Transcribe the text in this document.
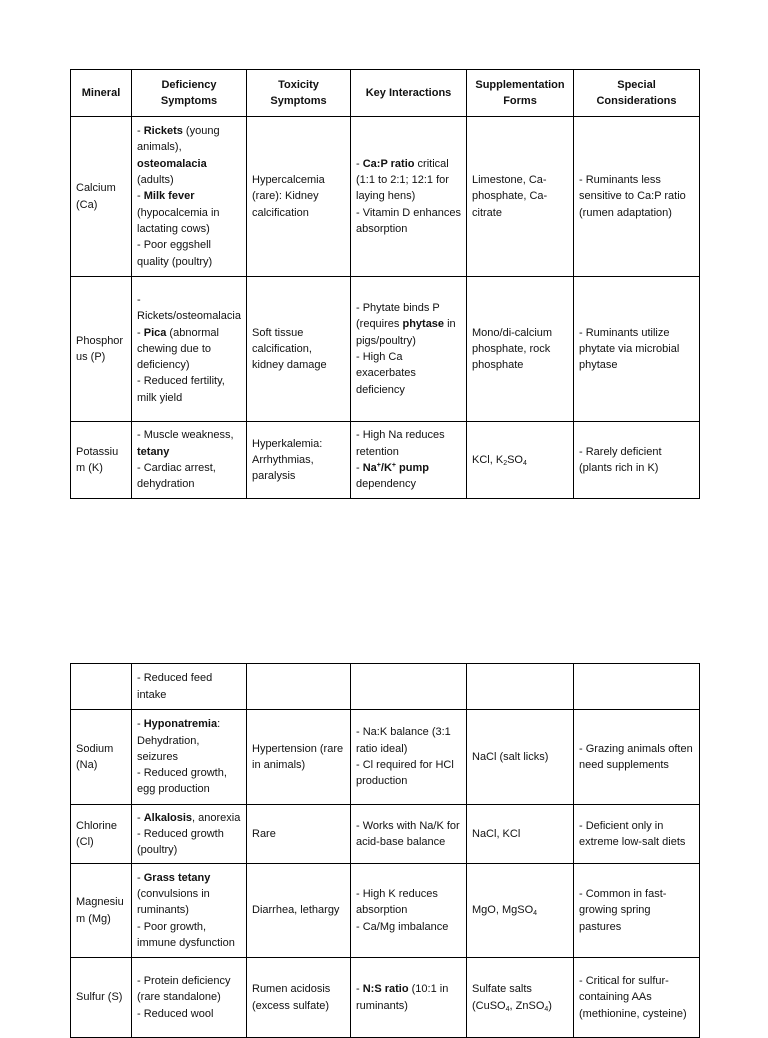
Mineral	Deficiency Symptoms	Toxicity Symptoms	Key Interactions	Supplementation Forms	Special Considerations
Calcium (Ca)	- Rickets (young animals), osteomalacia (adults)
- Milk fever (hypocalcemia in lactating cows)
- Poor eggshell quality (poultry)	Hypercalcemia (rare): Kidney calcification	- Ca:P ratio critical (1:1 to 2:1; 12:1 for laying hens)
- Vitamin D enhances absorption	Limestone, Ca-phosphate, Ca-citrate	- Ruminants less sensitive to Ca:P ratio (rumen adaptation)

Phosphorus (P)	- Rickets/osteomalacia
- Pica (abnormal chewing due to deficiency)
- Reduced fertility, milk yield	Soft tissue calcification, kidney damage	- Phytate binds P (requires phytase in pigs/poultry)
- High Ca exacerbates deficiency	Mono/di-calcium phosphate, rock phosphate	- Ruminants utilize phytate via microbial phytase

Potassium (K)	- Muscle weakness, tetany
- Cardiac arrest, dehydration	Hyperkalemia: Arrhythmias, paralysis	- High Na reduces retention
- Na+/K+ pump dependency	KCl, $K_2SO_4$	- Rarely deficient (plants rich in K)

	- Reduced feed intake				

Sodium (Na)	- Hyponatremia: Dehydration, seizures
- Reduced growth, egg production	Hypertension (rare in animals)	- Na:K balance (3:1 ratio ideal)
- Cl required for HCl production	NaCl (salt licks)	- Grazing animals often need supplements

Chlorine (Cl)	- Alkalosis, anorexia
- Reduced growth (poultry)	Rare	- Works with Na/K for acid-base balance	NaCl, KCl	- Deficient only in extreme low-salt diets

Magnesium (Mg)	- Grass tetany (convulsions in ruminants)
- Poor growth, immune dysfunction	Diarrhea, lethargy	- High K reduces absorption
- Ca/Mg imbalance	MgO, MgSO$_4$	- Common in fast-growing spring pastures

Sulfur (S)	- Protein deficiency (rare standalone)
- Reduced wool	Rumen acidosis (excess sulfate)	- N:S ratio (10:1 in ruminants)	Sulfate salts (CuSO$_4$, ZnSO$_4$)	- Critical for sulfur-containing AAs (methionine, cysteine)
